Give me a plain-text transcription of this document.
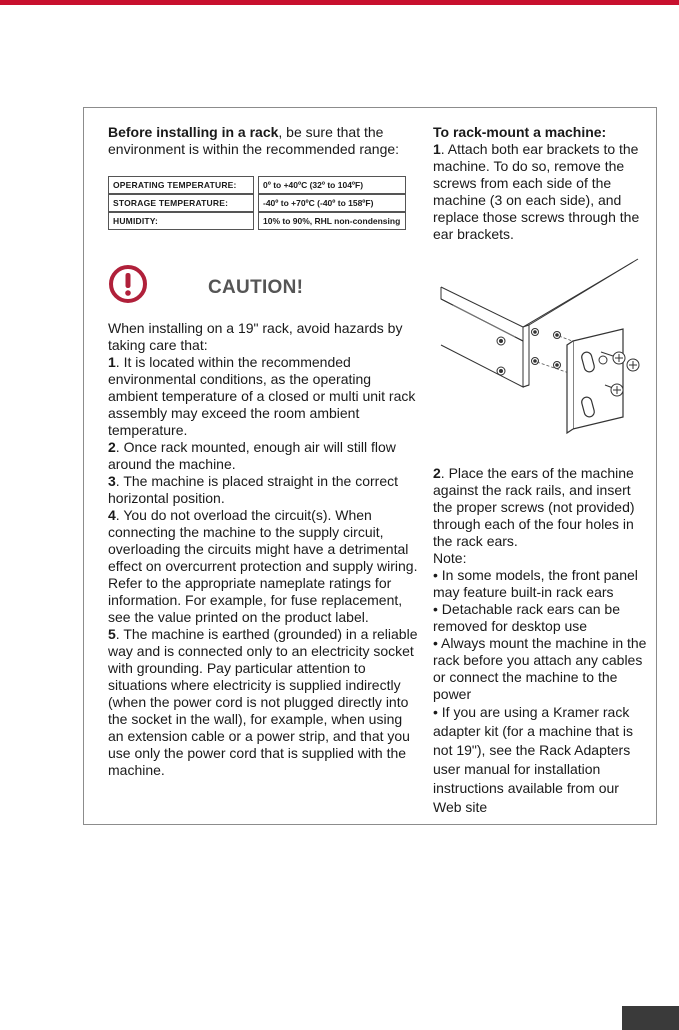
Before installing in a rack, be sure that the environment is within the recommended range:

OPERATING TEMPERATURE:		0º to +40ºC (32º to 104ºF)
STORAGE TEMPERATURE:		-40º to +70ºC (-40º to 158ºF)
HUMIDITY:		10% to 90%, RHL non-condensing
CAUTION!

When installing on a 19" rack, avoid hazards by taking care that:

1. It is located within the recommended environmental conditions, as the operating ambient temperature of a closed or multi unit rack assembly may exceed the room ambient temperature.

2. Once rack mounted, enough air will still flow around the machine.

3. The machine is placed straight in the correct horizontal position.

4. You do not overload the circuit(s). When connecting the machine to the supply circuit, overloading the circuits might have a detrimental effect on overcurrent protection and supply wiring. Refer to the appropriate nameplate ratings for information. For example, for fuse replacement, see the value printed on the product label.

5. The machine is earthed (grounded) in a reliable way and is connected only to an electricity socket with grounding. Pay particular attention to situations where electricity is supplied indirectly (when the power cord is not plugged directly into the socket in the wall), for example, when using an extension cable or a power strip, and that you use only the power cord that is supplied with the machine.

To rack-mount a machine:

1. Attach both ear brackets to the machine. To do so, remove the screws from each side of the machine (3 on each side), and replace those screws through the ear brackets.

2. Place the ears of the machine against the rack rails, and insert the proper screws (not provided) through each of the four holes in the rack ears.

Note:

• In some models, the front panel may feature built-in rack ears

• Detachable rack ears can be removed for desktop use

• Always mount the machine in the rack before you attach any cables or connect the machine to the power

• If you are using a Kramer rack adapter kit (for a machine that is not 19"), see the Rack Adapters user manual for installation instructions available from our Web site
